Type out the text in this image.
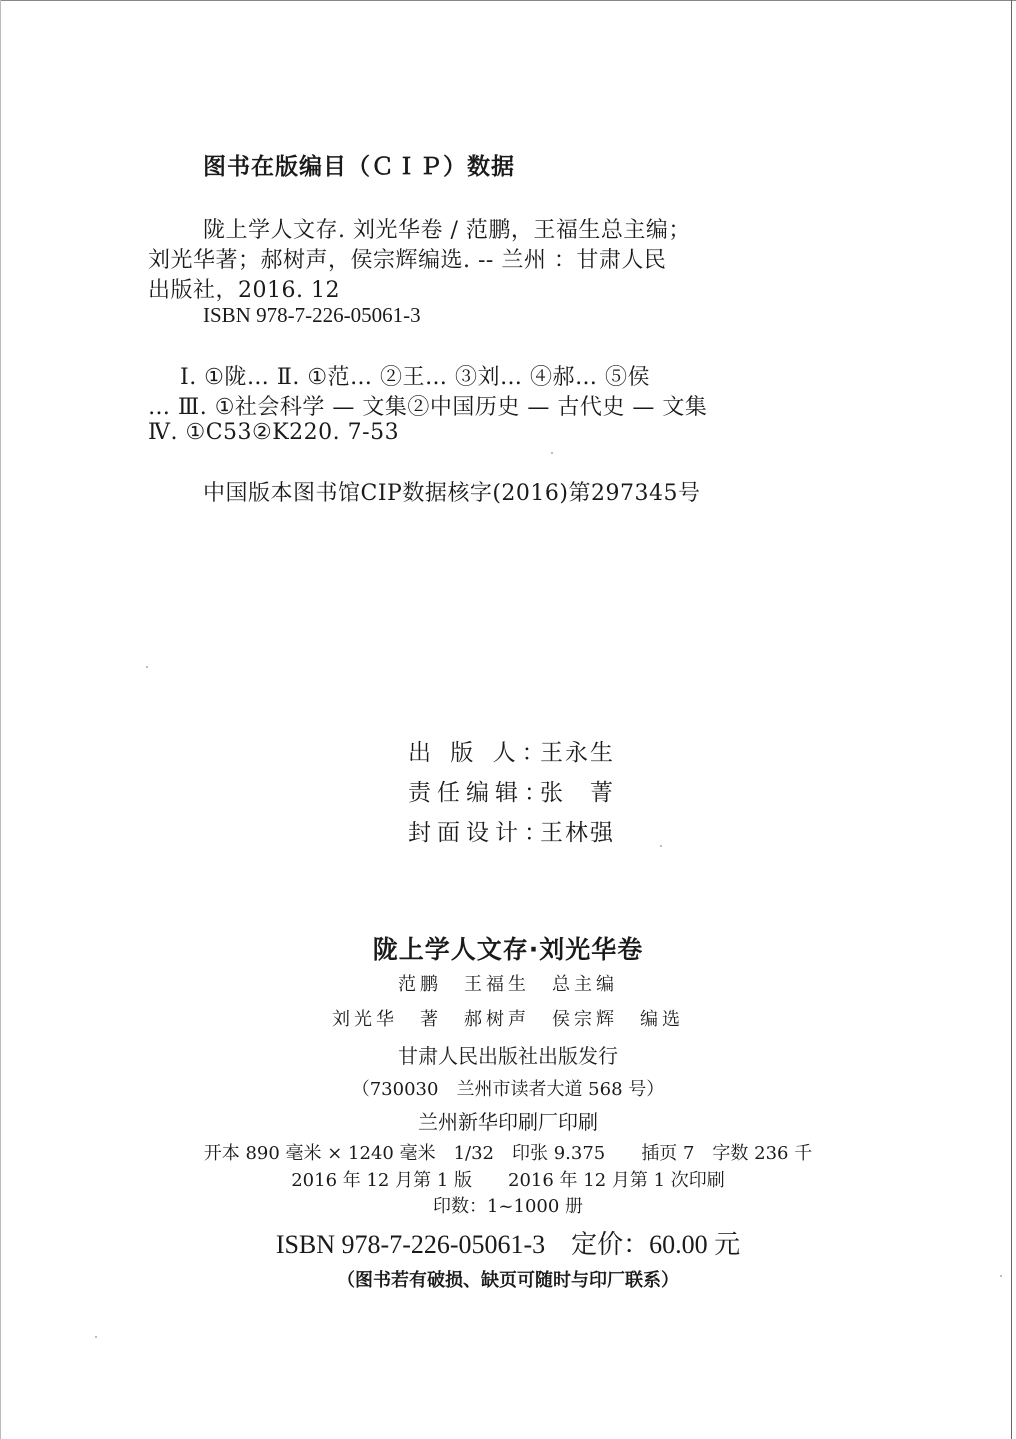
图书在版编目（ＣＩＰ）数据
陇上学人文存. 刘光华卷 / 范鹏，王福生总主编；
刘光华著；郝树声，侯宗辉编选. -- 兰州 ：甘肃人民
出版社，2016. 12
ISBN 978-7-226-05061-3
Ⅰ. ①陇… Ⅱ. ①范… ②王… ③刘… ④郝… ⑤侯
… Ⅲ. ①社会科学 — 文集②中国历史 — 古代史 — 文集
Ⅳ. ①C53②K220. 7-53
中国版本图书馆CIP数据核字(2016)第297345号
出 版 人：王永生
责任编辑：张　菁
封面设计：王林强
陇上学人文存·刘光华卷
范鹏　王福生　总主编
刘光华　著　郝树声　侯宗辉　编选
甘肃人民出版社出版发行
（730030　兰州市读者大道 568 号）
兰州新华印刷厂印刷
开本 890 毫米 × 1240 毫米　1/32　印张 9.375　　插页 7　字数 236 千
2016 年 12 月第 1 版　　2016 年 12 月第 1 次印刷
印数：1~1000 册
ISBN 978-7-226-05061-3　定价：60.00 元
（图书若有破损、缺页可随时与印厂联系）
